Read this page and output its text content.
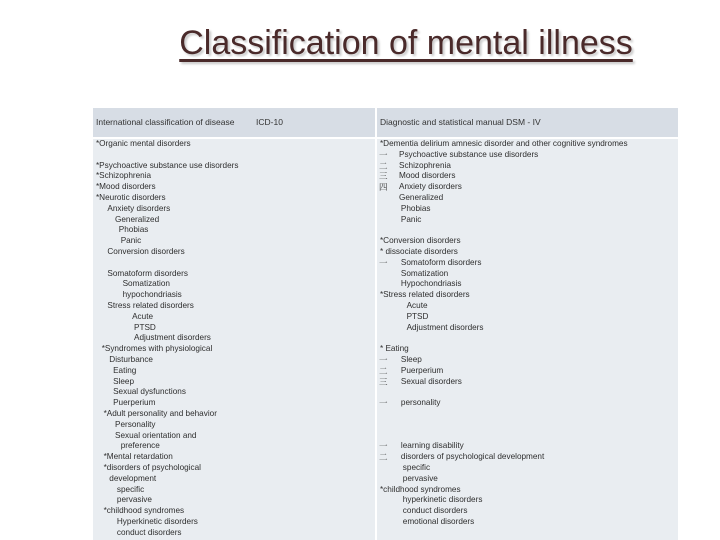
Classification of mental illness
International classification of disease	ICD-10	Diagnostic and statistical manual DSM - IV
*Organic mental disorders
*Psychoactive substance use disorders
*Schizophrenia
*Mood disorders
*Neurotic disorders
Anxiety disorders
Generalized
Phobias
Panic
Conversion disorders
Somatoform disorders
Somatization
hypochondriasis
Stress related disorders
Acute
PTSD
Adjustment disorders
*Syndromes with physiological
Disturbance
Eating
Sleep
Sexual dysfunctions
Puerperium
*Adult personality and behavior
Personality
Sexual orientation and
preference
*Mental retardation
*disorders of psychological
development
specific
pervasive
*childhood syndromes
Hyperkinetic disorders
conduct disorders
*Dementia delirium amnesic disorder and other cognitive syndromes
一 Psychoactive substance use disorders
二 Schizophrenia
三 Mood disorders
四 Anxiety disorders
Generalized
Phobias
Panic
*Conversion disorders
* dissociate disorders
一 Somatoform disorders
Somatization
Hypochondriasis
*Stress related disorders
Acute
PTSD
Adjustment disorders
* Eating
一 Sleep
二 Puerperium
三 Sexual disorders
一 personality
一 learning disability
二 disorders of psychological development
specific
pervasive
*childhood syndromes
hyperkinetic disorders
conduct disorders
emotional disorders
